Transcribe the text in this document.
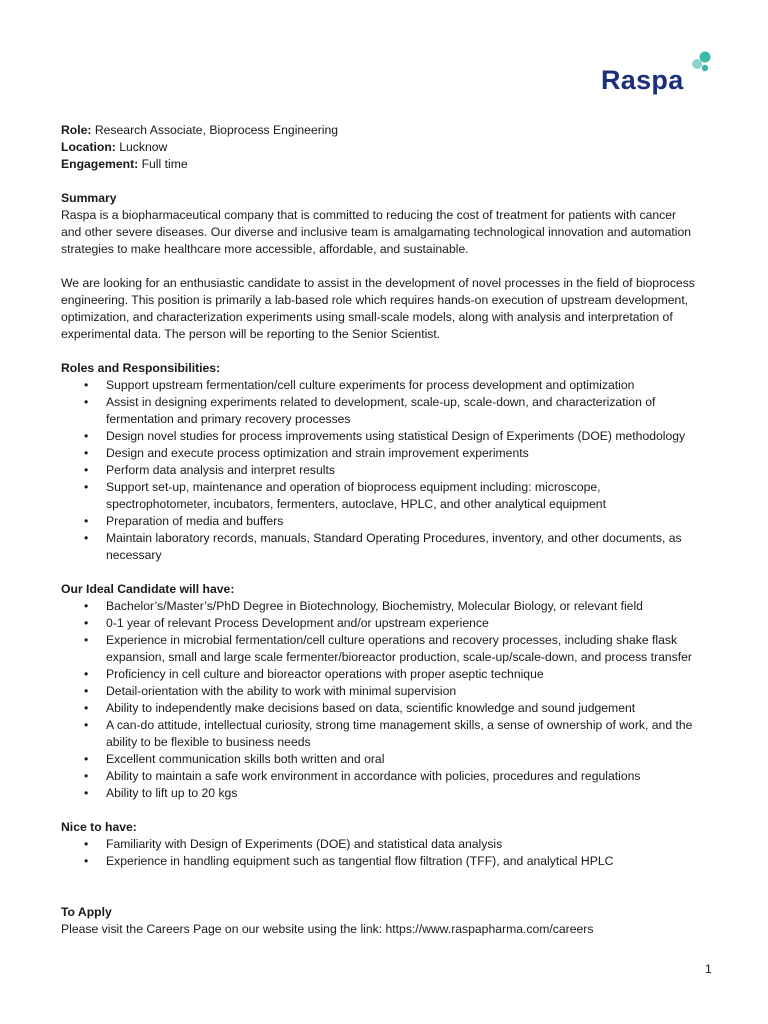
Raspa

Role: Research Associate, Bioprocess Engineering

Location: Lucknow

Engagement: Full time

Summary

Raspa is a biopharmaceutical company that is committed to reducing the cost of treatment for patients with cancer
and other severe diseases. Our diverse and inclusive team is amalgamating technological innovation and automation
strategies to make healthcare more accessible, affordable, and sustainable.
We are looking for an enthusiastic candidate to assist in the development of novel processes in the field of bioprocess
engineering. This position is primarily a lab-based role which requires hands-on execution of upstream development,
optimization, and characterization experiments using small-scale models, along with analysis and interpretation of
experimental data. The person will be reporting to the Senior Scientist.

Roles and Responsibilities:

• Support upstream fermentation/cell culture experiments for process development and optimization
• Assist in designing experiments related to development, scale-up, scale-down, and characterization of
fermentation and primary recovery processes
• Design novel studies for process improvements using statistical Design of Experiments (DOE) methodology
• Design and execute process optimization and strain improvement experiments
• Perform data analysis and interpret results
• Support set-up, maintenance and operation of bioprocess equipment including: microscope,
spectrophotometer, incubators, fermenters, autoclave, HPLC, and other analytical equipment
• Preparation of media and buffers
• Maintain laboratory records, manuals, Standard Operating Procedures, inventory, and other documents, as
necessary

Our Ideal Candidate will have:

• Bachelor’s/Master’s/PhD Degree in Biotechnology, Biochemistry, Molecular Biology, or relevant field
• 0-1 year of relevant Process Development and/or upstream experience
• Experience in microbial fermentation/cell culture operations and recovery processes, including shake flask
expansion, small and large scale fermenter/bioreactor production, scale-up/scale-down, and process transfer
• Proficiency in cell culture and bioreactor operations with proper aseptic technique
• Detail-orientation with the ability to work with minimal supervision
• Ability to independently make decisions based on data, scientific knowledge and sound judgement
• A can-do attitude, intellectual curiosity, strong time management skills, a sense of ownership of work, and the
ability to be flexible to business needs
• Excellent communication skills both written and oral
• Ability to maintain a safe work environment in accordance with policies, procedures and regulations
• Ability to lift up to 20 kgs

Nice to have:

• Familiarity with Design of Experiments (DOE) and statistical data analysis
• Experience in handling equipment such as tangential flow filtration (TFF), and analytical HPLC

To Apply

Please visit the Careers Page on our website using the link: https://www.raspapharma.com/careers

1
